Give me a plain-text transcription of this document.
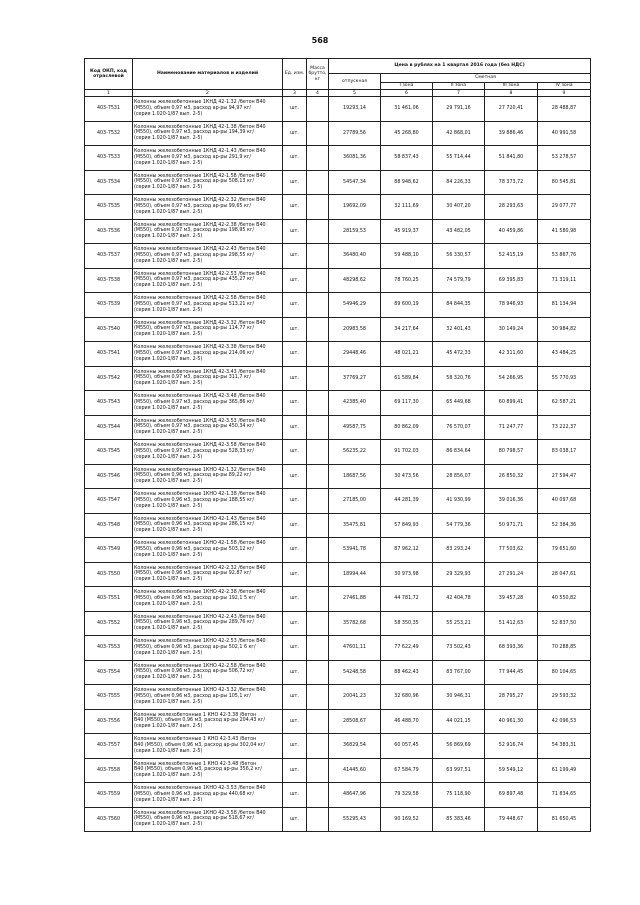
568
Код ОКП, код отраслевой	Наименование материалов и изделий	Ед. изм.	Масса брутто, кг	Цена в рублях на 1 квартал 2016 года (без НДС)				
				отпускная	Сметная			
					I зона	II зона	III зона	IV зона
1	2	3	4	5	6	7	8	9
403-7531	Колонны железобетонные 1КНД 42-1.32 /бетон В40
(М550), объем 0,97 м3, расход ар-ры 94,97 кг/
(серия 1.020-1/87 вып. 2-5)	шт.		19293,14	31 461,06	29 791,16	27 720,41	28 488,87
403-7532	Колонны железобетонные 1КНД 42-1.38 /бетон В40
(М550), объем 0,97 м3, расход ар-ры 194,39 кг/
(серия 1.020-1/87 вып. 2-5)	шт.		27789,56	45 268,80	42 868,01	39 886,46	40 991,58
403-7533	Колонны железобетонные 1КНД 42-1.43 /бетон В40
(М550), объем 0,97 м3, расход ар-ры 291,9 кг/
(серия 1.020-1/87 вып. 2-5)	шт.		36081,36	58 837,43	55 714,44	51 841,80	53 278,57
403-7534	Колонны железобетонные 1КНД 42-1.58 /бетон В40
(М550), объем 0,97 м3, расход ар-ры 508,13 кг/
(серия 1.020-1/87 вып. 2-5)	шт.		54547,34	88 948,62	84 226,33	78 373,72	80 545,81
403-7535	Колонны железобетонные 1КНД 42-2.32 /бетон В40
(М550), объем 0,97 м3, расход ар-ры 99,65 кг/
(серия 1.020-1/87 вып. 2-5)	шт.		19692,09	32 111,69	30 407,20	28 293,63	29 077,77
403-7536	Колонны железобетонные 1КНД 42-2.38 /бетон В40
(М550), объем 0,97 м3, расход ар-ры 198,95 кг/
(серия 1.020-1/87 вып. 2-5)	шт.		28159,53	45 919,37	43 482,05	40 459,86	41 580,98
403-7537	Колонны железобетонные 1КНД 42-2.43 /бетон В40
(М550), объем 0,97 м3, расход ар-ры 298,55 кг/
(серия 1.020-1/87 вып. 2-5)	шт.		36480,40	59 488,10	56 330,57	52 415,19	53 867,76
403-7538	Колонны железобетонные 1КНД 42-2.53 /бетон В40
(М550), объем 0,97 м3, расход ар-ры 435,27 кг/
(серия 1.020-1/87 вып. 2-5)	шт.		48298,62	78 760,25	74 579,79	69 395,83	71 319,11
403-7539	Колонны железобетонные 1КНД 42-2.58 /бетон В40
(М550), объем 0,97 м3, расход ар-ры 513,21 кг/
(серия 1.020-1/87 вып. 2-5)	шт.		54946,29	89 600,19	84 844,35	78 946,93	81 134,94
403-7540	Колонны железобетонные 1КНД 42-3.32 /бетон В40
(М550), объем 0,97 м3, расход ар-ры 114,77 кг/
(серия 1.020-1/87 вып. 2-5)	шт.		20983,58	34 217,64	32 401,43	30 149,24	30 984,82
403-7541	Колонны железобетонные 1КНД 42-3.38 /бетон В40
(М550), объем 0,97 м3, расход ар-ры 214,06 кг/
(серия 1.020-1/87 вып. 2-5)	шт.		29448,46	48 021,21	45 472,33	42 311,60	43 484,25
403-7542	Колонны железобетонные 1КНД 42-3.43 /бетон В40
(М550), объем 0,97 м3, расход ар-ры 311,7 кг/
(серия 1.020-1/87 вып. 2-5)	шт.		37769,27	61 589,84	58 320,76	54 266,95	55 770,93
403-7543	Колонны железобетонные 1КНД 42-3.48 /бетон В40
(М550), объем 0,97 м3, расход ар-ры 365,86 кг/
(серия 1.020-1/87 вып. 2-5)	шт.		42385,40	69 117,30	65 449,68	60 899,41	62 587,21
403-7544	Колонны железобетонные 1КНД 42-3.53 /бетон В40
(М550), объем 0,97 м3, расход ар-ры 450,34 кг/
(серия 1.020-1/87 вып. 2-5)	шт.		49587,75	80 862,09	76 570,07	71 247,77	73 222,37
403-7545	Колонны железобетонные 1КНД 42-3.58 /бетон В40
(М550), объем 0,97 м3, расход ар-ры 528,33 кг/
(серия 1.020-1/87 вып. 2-5)	шт.		56235,22	91 702,03	86 834,64	80 798,57	83 038,17
403-7546	Колонны железобетонные 1КНО 42-1.32 /бетон В40
(М550), объем 0,96 м3, расход ар-ры 89,22 кг/
(серия 1.020-1/87 вып. 2-5)	шт.		18687,56	30 473,56	28 856,07	26 850,32	27 594,47
403-7547	Колонны железобетонные 1КНО 42-1.38 /бетон В40
(М550), объем 0,96 м3, расход ар-ры 188,55 кг/
(серия 1.020-1/87 вып. 2-5)	шт.		27185,00	44 281,39	41 930,99	39 016,36	40 097,68
403-7548	Колонны железобетонные 1КНО 42-1.43 /бетон В40
(М550), объем 0,96 м3, расход ар-ры 286,15 кг/
(серия 1.020-1/87 вып. 2-5)	шт.		35475,81	57 849,93	54 779,36	50 971,71	52 384,36
403-7549	Колонны железобетонные 1КНО 42-1.58 /бетон В40
(М550), объем 0,96 м3, расход ар-ры 503,12 кг/
(серия 1.020-1/87 вып. 2-5)	шт.		53941,78	87 962,12	83 293,24	77 503,62	79 651,60
403-7550	Колонны железобетонные 1КНО 42-2.32 /бетон В40
(М550), объем 0,96 м3, расход ар-ры 92,87 кг/
(серия 1.020-1/87 вып. 2-5)	шт.		18994,44	30 973,98	29 329,93	27 291,24	28 047,61
403-7551	Колонны железобетонные 1КНО 42-2.38 /бетон В40
(М550), объем 0,96 м3, расход ар-ры 192,1 5 кг/
(серия 1.020-1/87 вып. 2-5)	шт.		27461,88	44 781,72	42 404,78	39 457,28	40 550,82
403-7552	Колонны железобетонные 1КНО 42-2.43 /бетон В40
(М550), объем 0,96 м3, расход ар-ры 289,76 кг/
(серия 1.020-1/87 вып. 2-5)	шт.		35782,68	58 350,35	55 253,21	51 412,63	52 837,50
403-7553	Колонны железобетонные 1КНО 42-2.53 /бетон В40
(М550), объем 0,96 м3, расход ар-ры 502,1 6 кг/
(серия 1.020-1/87 вып. 2-5)	шт.		47601,11	77 622,49	73 502,43	68 393,36	70 288,85
403-7554	Колонны железобетонные 1КНО 42-2.58 /бетон В40
(М550), объем 0,96 м3, расход ар-ры 506,72 кг/
(серия 1.020-1/87 вып. 2-5)	шт.		54248,58	88 462,43	83 767,00	77 944,45	80 104,65
403-7555	Колонны железобетонные 1КНО 42-3.32 /бетон В40
(М550), объем 0,96 м3, расход ар-ры 105,1 кг/
(серия 1.020-1/87 вып. 2-5)	шт.		20041,23	32 680,96	30 946,31	28 795,27	29 593,32
403-7556	Колонны железобетонные 1 КНО 42-3.38 /бетон
В40 (М550), объем 0,96 м3, расход ар-ры 204,43 кг/
(серия 1.020-1/87 вып. 2-5)	шт.		28508,67	46 488,70	44 021,15	40 961,30	42 096,53
403-7557	Колонны железобетонные 1 КНО 42-3.43 /бетон
В40 (М550), объем 0,96 м3, расход ар-ры 302,04 кг/
(серия 1.020-1/87 вып. 2-5)	шт.		36829,54	60 057,45	56 869,69	52 916,74	54 383,31
403-7558	Колонны железобетонные 1 КНО 42-3.48 /бетон
В40 (М550), объем 0,96 м3, расход ар-ры 356,2 кг/
(серия 1.020-1/87 вып. 2-5)	шт.		41445,60	67 584,79	63 997,51	59 549,12	61 199,49
403-7559	Колонны железобетонные 1КНО 42-3.53 /бетон В40
(М550), объем 0,96 м3, расход ар-ры 440,68 кг/
(серия 1.020-1/87 вып. 2-5)	шт.		48647,96	79 329,58	75 118,90	69 897,48	71 834,65
403-7560	Колонны железобетонные 1КНО 42-3.58 /бетон В40
(М550), объем 0,96 м3, расход ар-ры 518,67 кг/
(серия 1.020-1/87 вып. 2-5)	шт.		55295,43	90 169,52	85 383,46	79 448,67	81 650,45
